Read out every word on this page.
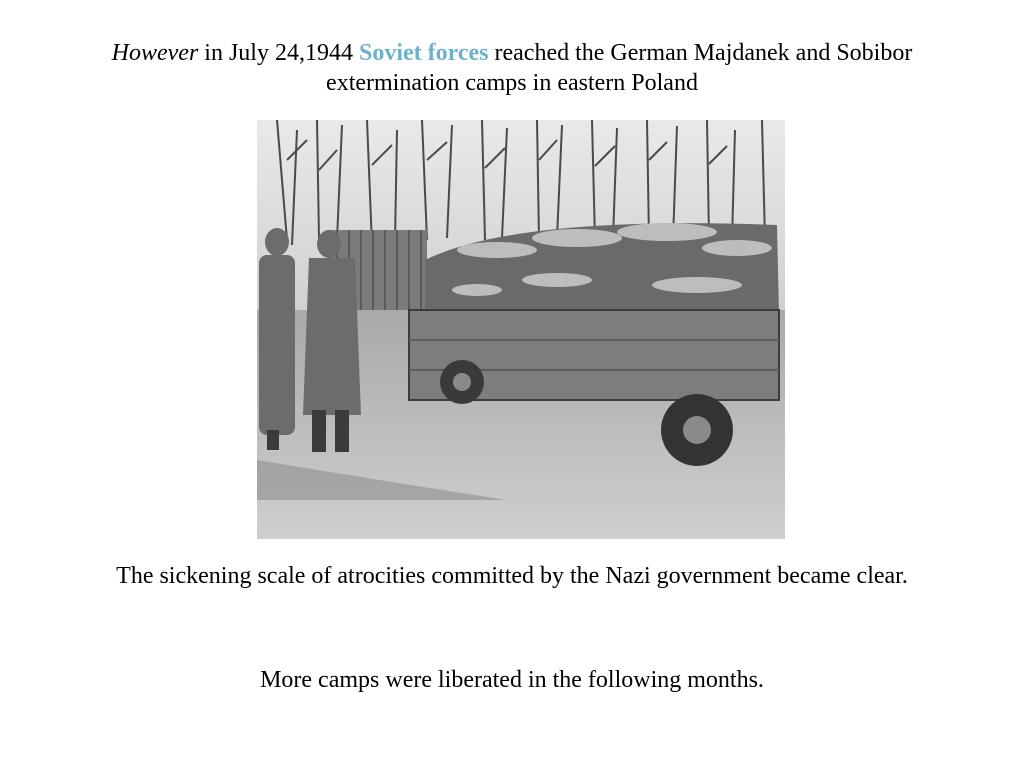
However in July 24,1944 Soviet forces reached the German Majdanek and Sobibor extermination camps in eastern Poland
The sickening scale of atrocities committed by the Nazi government became clear.
More camps were liberated in the following months.
